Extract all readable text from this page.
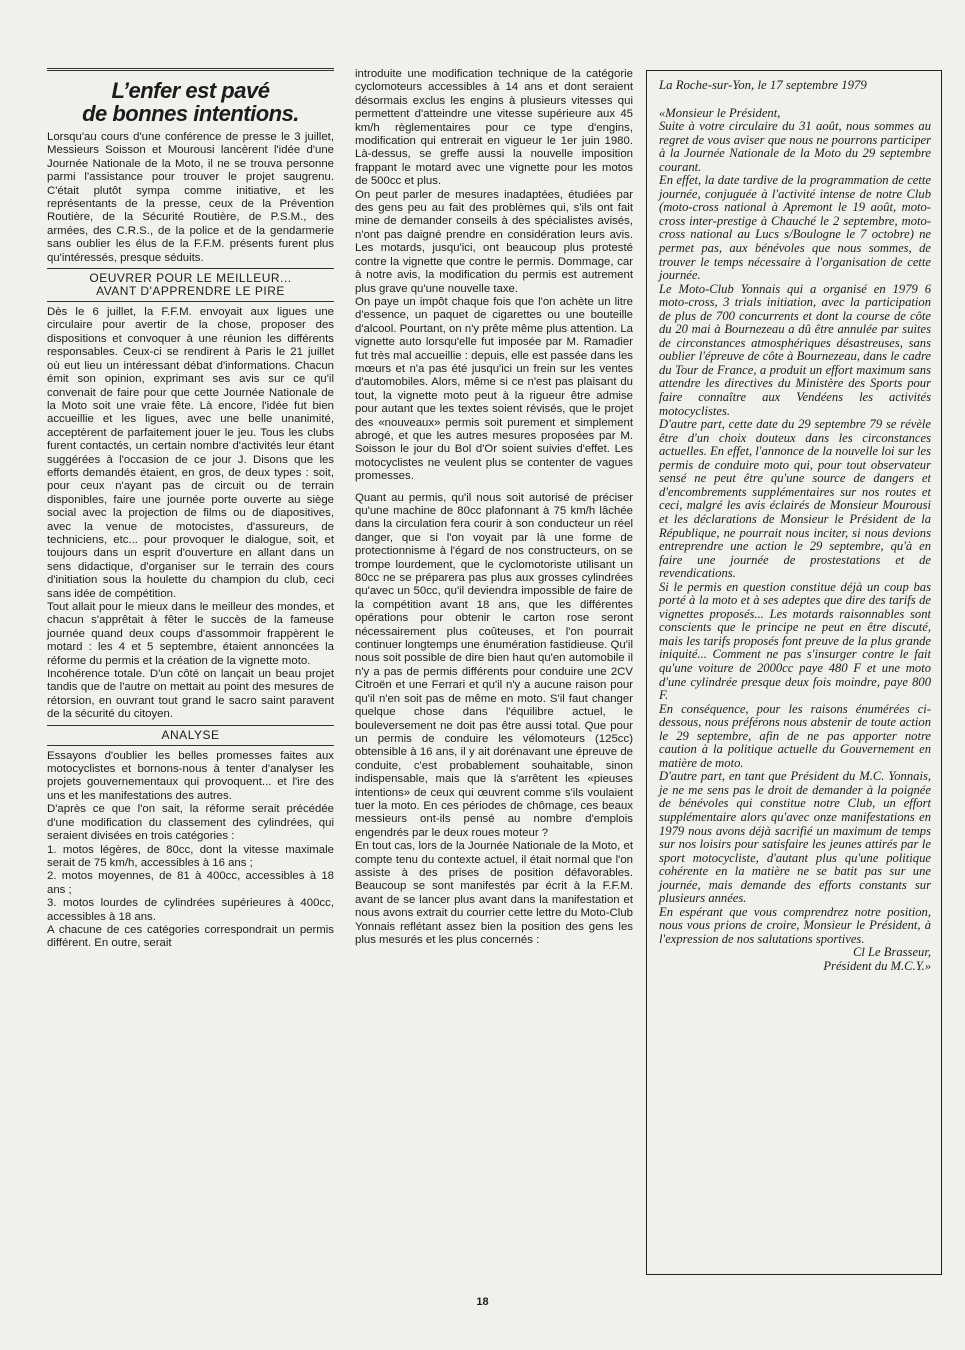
L’enfer est pavé
de bonnes intentions.

Lorsqu'au cours d'une conférence de presse le 3 juillet, Messieurs Soisson et Mourousi lancèrent l'idée d'une Journée Nationale de la Moto, il ne se trouva personne parmi l'assistance pour trouver le projet saugrenu. C'était plutôt sympa comme initiative, et les représentants de la presse, ceux de la Prévention Routière, de la Sécurité Routière, de P.S.M., des armées, des C.R.S., de la police et de la gendarmerie sans oublier les élus de la F.F.M. présents furent plus qu'intéressés, presque séduits.

OEUVRER POUR LE MEILLEUR...
AVANT D'APPRENDRE LE PIRE

Dès le 6 juillet, la F.F.M. envoyait aux ligues une circulaire pour avertir de la chose, proposer des dispositions et convoquer à une réunion les différents responsables. Ceux-ci se rendirent à Paris le 21 juillet où eut lieu un intéressant débat d'informations. Chacun émit son opinion, exprimant ses avis sur ce qu'il convenait de faire pour que cette Journée Nationale de la Moto soit une vraie fête. Là encore, l'idée fut bien accueillie et les ligues, avec une belle unanimité, acceptèrent de parfaitement jouer le jeu. Tous les clubs furent contactés, un certain nombre d'activités leur étant suggérées à l'occasion de ce jour J. Disons que les efforts demandés étaient, en gros, de deux types : soit, pour ceux n'ayant pas de circuit ou de terrain disponibles, faire une journée porte ouverte au siège social avec la projection de films ou de diapositives, avec la venue de motocistes, d'assureurs, de techniciens, etc... pour provoquer le dialogue, soit, et toujours dans un esprit d'ouverture en allant dans un sens didactique, d'organiser sur le terrain des cours d'initiation sous la houlette du champion du club, ceci sans idée de compétition.

Tout allait pour le mieux dans le meilleur des mondes, et chacun s'apprêtait à fêter le succès de la fameuse journée quand deux coups d'assommoir frappèrent le motard : les 4 et 5 septembre, étaient annoncées la réforme du permis et la création de la vignette moto.

Incohérence totale. D'un côté on lançait un beau projet tandis que de l'autre on mettait au point des mesures de rétorsion, en ouvrant tout grand le sacro saint paravent de la sécurité du citoyen.

ANALYSE

Essayons d'oublier les belles promesses faites aux motocyclistes et bornons-nous à tenter d'analyser les projets gouvernementaux qui provoquent... et l'ire des uns et les manifestations des autres.

D'après ce que l'on sait, la réforme serait précédée d'une modification du classement des cylindrées, qui seraient divisées en trois catégories :

1. motos légères, de 80cc, dont la vitesse maximale serait de 75 km/h, accessibles à 16 ans ;

2. motos moyennes, de 81 à 400cc, accessibles à 18 ans ;

3. motos lourdes de cylindrées supérieures à 400cc, accessibles à 18 ans.

A chacune de ces catégories correspondrait un permis différent. En outre, serait

introduite une modification technique de la catégorie cyclomoteurs accessibles à 14 ans et dont seraient désormais exclus les engins à plusieurs vitesses qui permettent d'atteindre une vitesse supérieure aux 45 km/h règlementaires pour ce type d'engins, modification qui entrerait en vigueur le 1er juin 1980. Là-dessus, se greffe aussi la nouvelle imposition frappant le motard avec une vignette pour les motos de 500cc et plus.

On peut parler de mesures inadaptées, étudiées par des gens peu au fait des problèmes qui, s'ils ont fait mine de demander conseils à des spécialistes avisés, n'ont pas daigné prendre en considération leurs avis. Les motards, jusqu'ici, ont beaucoup plus protesté contre la vignette que contre le permis. Dommage, car à notre avis, la modification du permis est autrement plus grave qu'une nouvelle taxe.

On paye un impôt chaque fois que l'on achète un litre d'essence, un paquet de cigarettes ou une bouteille d'alcool. Pourtant, on n'y prête même plus attention. La vignette auto lorsqu'elle fut imposée par M. Ramadier fut très mal accueillie : depuis, elle est passée dans les mœurs et n'a pas été jusqu'ici un frein sur les ventes d'automobiles. Alors, même si ce n'est pas plaisant du tout, la vignette moto peut à la rigueur être admise pour autant que les textes soient révisés, que le projet des «nouveaux» permis soit purement et simplement abrogé, et que les autres mesures proposées par M. Soisson le jour du Bol d'Or soient suivies d'effet. Les motocyclistes ne veulent plus se contenter de vagues promesses.

Quant au permis, qu'il nous soit autorisé de préciser qu'une machine de 80cc plafonnant à 75 km/h lâchée dans la circulation fera courir à son conducteur un réel danger, que si l'on voyait par là une forme de protectionnisme à l'égard de nos constructeurs, on se trompe lourdement, que le cyclomotoriste utilisant un 80cc ne se préparera pas plus aux grosses cylindrées qu'avec un 50cc, qu'il deviendra impossible de faire de la compétition avant 18 ans, que les différentes opérations pour obtenir le carton rose seront nécessairement plus coûteuses, et l'on pourrait continuer longtemps une énumération fastidieuse. Qu'il nous soit possible de dire bien haut qu'en automobile il n'y a pas de permis différents pour conduire une 2CV Citroën et une Ferrari et qu'il n'y a aucune raison pour qu'il n'en soit pas de même en moto. S'il faut changer quelque chose dans l'équilibre actuel, le bouleversement ne doit pas être aussi total. Que pour un permis de conduire les vélomoteurs (125cc) obtensible à 16 ans, il y ait dorénavant une épreuve de conduite, c'est probablement souhaitable, sinon indispensable, mais que là s'arrêtent les «pieuses intentions» de ceux qui œuvrent comme s'ils voulaient tuer la moto. En ces périodes de chômage, ces beaux messieurs ont-ils pensé au nombre d'emplois engendrés par le deux roues moteur ?

En tout cas, lors de la Journée Nationale de la Moto, et compte tenu du contexte actuel, il était normal que l'on assiste à des prises de position défavorables. Beaucoup se sont manifestés par écrit à la F.F.M. avant de se lancer plus avant dans la manifestation et nous avons extrait du courrier cette lettre du Moto-Club Yonnais reflétant assez bien la position des gens les plus mesurés et les plus concernés :

La Roche-sur-Yon, le 17 septembre 1979

«Monsieur le Président,

Suite à votre circulaire du 31 août, nous sommes au regret de vous aviser que nous ne pourrons participer à la Journée Nationale de la Moto du 29 septembre courant.

En effet, la date tardive de la programmation de cette journée, conjuguée à l'activité intense de notre Club (moto-cross national à Apremont le 19 août, moto-cross inter-prestige à Chauché le 2 septembre, moto-cross national au Lucs s/Boulogne le 7 octobre) ne permet pas, aux bénévoles que nous sommes, de trouver le temps nécessaire à l'organisation de cette journée.

Le Moto-Club Yonnais qui a organisé en 1979 6 moto-cross, 3 trials initiation, avec la participation de plus de 700 concurrents et dont la course de côte du 20 mai à Bournezeau a dû être annulée par suites de circonstances atmosphériques désastreuses, sans oublier l'épreuve de côte à Bournezeau, dans le cadre du Tour de France, a produit un effort maximum sans attendre les directives du Ministère des Sports pour faire connaître aux Vendéens les activités motocyclistes.

D'autre part, cette date du 29 septembre 79 se révèle être d'un choix douteux dans les circonstances actuelles. En effet, l'annonce de la nouvelle loi sur les permis de conduire moto qui, pour tout observateur sensé ne peut être qu'une source de dangers et d'encombrements supplémentaires sur nos routes et ceci, malgré les avis éclairés de Monsieur Mourousi et les déclarations de Monsieur le Président de la République, ne pourrait nous inciter, si nous devions entreprendre une action le 29 septembre, qu'à en faire une journée de prostestations et de revendications.

Si le permis en question constitue déjà un coup bas porté à la moto et à ses adeptes que dire des tarifs de vignettes proposés... Les motards raisonnables sont conscients que le principe ne peut en être discuté, mais les tarifs proposés font preuve de la plus grande iniquité... Comment ne pas s'insurger contre le fait qu'une voiture de 2000cc paye 480 F et une moto d'une cylindrée presque deux fois moindre, paye 800 F.

En conséquence, pour les raisons énumérées ci-dessous, nous préférons nous abstenir de toute action le 29 septembre, afin de ne pas apporter notre caution à la politique actuelle du Gouvernement en matière de moto.

D'autre part, en tant que Président du M.C. Yonnais, je ne me sens pas le droit de demander à la poignée de bénévoles qui constitue notre Club, un effort supplémentaire alors qu'avec onze manifestations en 1979 nous avons déjà sacrifié un maximum de temps sur nos loisirs pour satisfaire les jeunes attirés par le sport motocycliste, d'autant plus qu'une politique cohérente en la matière ne se batit pas sur une journée, mais demande des efforts constants sur plusieurs années.

En espérant que vous comprendrez notre position, nous vous prions de croire, Monsieur le Président, à l'expression de nos salutations sportives.

Cl Le Brasseur,

Président du M.C.Y.»

18
